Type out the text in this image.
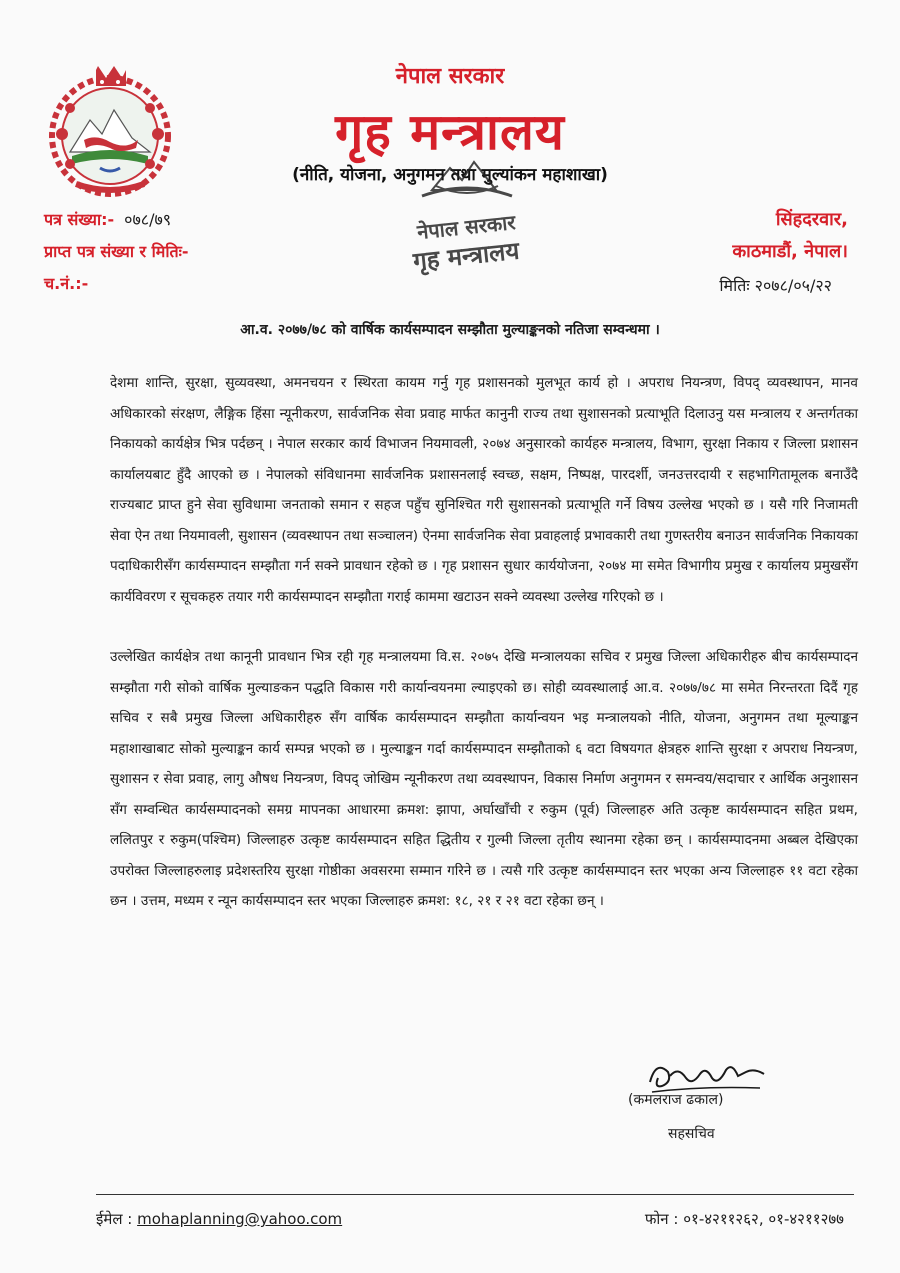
नेपाल सरकार
गृह मन्त्रालय
(नीति, योजना, अनुगमन तथा मुल्यांकन महाशाखा)
नेपाल सरकार
गृह मन्त्रालय
पत्र संख्या:- ०७८/७९
प्राप्त पत्र संख्या र मितिः-
च.नं.:-
सिंहदरवार,
काठमाडौं, नेपाल।
मितिः २०७८/०५/२२
आ.व. २०७७/७८ को वार्षिक कार्यसम्पादन सम्झौता मुल्याङ्कनको नतिजा सम्वन्धमा ।

देशमा शान्ति, सुरक्षा, सुव्यवस्था, अमनचयन र स्थिरता कायम गर्नु गृह प्रशासनको मुलभूत कार्य हो । अपराध नियन्त्रण, विपद् व्यवस्थापन, मानव अधिकारको संरक्षण, लैङ्गिक हिंसा न्यूनीकरण, सार्वजनिक सेवा प्रवाह मार्फत कानुनी राज्य तथा सुशासनको प्रत्याभूति दिलाउनु यस मन्त्रालय र अन्तर्गतका निकायको कार्यक्षेत्र भित्र पर्दछन् । नेपाल सरकार कार्य विभाजन नियमावली, २०७४ अनुसारको कार्यहरु मन्त्रालय, विभाग, सुरक्षा निकाय र जिल्ला प्रशासन कार्यालयबाट हुँदै आएको छ । नेपालको संविधानमा सार्वजनिक प्रशासनलाई स्वच्छ, सक्षम, निष्पक्ष, पारदर्शी, जनउत्तरदायी र सहभागितामूलक बनाउँदै राज्यबाट प्राप्त हुने सेवा सुविधामा जनताको समान र सहज पहुँच सुनिश्चित गरी सुशासनको प्रत्याभूति गर्ने विषय उल्लेख भएको छ । यसै गरि निजामती सेवा ऐन तथा नियमावली, सुशासन (व्यवस्थापन तथा सञ्चालन) ऐनमा सार्वजनिक सेवा प्रवाहलाई प्रभावकारी तथा गुणस्तरीय बनाउन सार्वजनिक निकायका पदाधिकारीसँग कार्यसम्पादन सम्झौता गर्न सक्ने प्रावधान रहेको छ । गृह प्रशासन सुधार कार्ययोजना, २०७४ मा समेत विभागीय प्रमुख र कार्यालय प्रमुखसँग कार्यविवरण र सूचकहरु तयार गरी कार्यसम्पादन सम्झौता गराई काममा खटाउन सक्ने व्यवस्था उल्लेख गरिएको छ ।

उल्लेखित कार्यक्षेत्र तथा कानूनी प्रावधान भित्र रही गृह मन्त्रालयमा वि.स. २०७५ देखि मन्त्रालयका सचिव र प्रमुख जिल्ला अधिकारीहरु बीच कार्यसम्पादन सम्झौता गरी सोको वार्षिक मुल्याङकन पद्धति विकास गरी कार्यान्वयनमा ल्याइएको छ। सोही व्यवस्थालाई आ.व. २०७७/७८ मा समेत निरन्तरता दिदैं गृह सचिव र सबै प्रमुख जिल्ला अधिकारीहरु सँग वार्षिक कार्यसम्पादन सम्झौता कार्यान्वयन भइ मन्त्रालयको नीति, योजना, अनुगमन तथा मूल्याङ्कन महाशाखाबाट सोको मुल्याङ्कन कार्य सम्पन्न भएको छ । मुल्याङ्कन गर्दा कार्यसम्पादन सम्झौताको ६ वटा विषयगत क्षेत्रहरु शान्ति सुरक्षा र अपराध नियन्त्रण, सुशासन र सेवा प्रवाह, लागु औषध नियन्त्रण, विपद् जोखिम न्यूनीकरण तथा व्यवस्थापन, विकास निर्माण अनुगमन र समन्वय/सदाचार र आर्थिक अनुशासन सँग सम्वन्धित कार्यसम्पादनको समग्र मापनका आधारमा क्रमश: झापा, अर्घाखाँची र रुकुम (पूर्व) जिल्लाहरु अति उत्कृष्ट कार्यसम्पादन सहित प्रथम, ललितपुर र रुकुम(पश्चिम) जिल्लाहरु उत्कृष्ट कार्यसम्पादन सहित द्धितीय र गुल्मी जिल्ला तृतीय स्थानमा रहेका छन् । कार्यसम्पादनमा अब्बल देखिएका उपरोक्त जिल्लाहरुलाइ प्रदेशस्तरिय सुरक्षा गोष्ठीका अवसरमा सम्मान गरिने छ । त्यसै गरि उत्कृष्ट कार्यसम्पादन स्तर भएका अन्य जिल्लाहरु ११ वटा रहेका छन । उत्तम, मध्यम र न्यून कार्यसम्पादन स्तर भएका जिल्लाहरु क्रमश: १८, २१ र २१ वटा रहेका छन् ।

(कमलराज ढकाल)
सहसचिव
ईमेल : mohaplanning@yahoo.com	फोन : ०१-४२११२६२, ०१-४२११२७७
